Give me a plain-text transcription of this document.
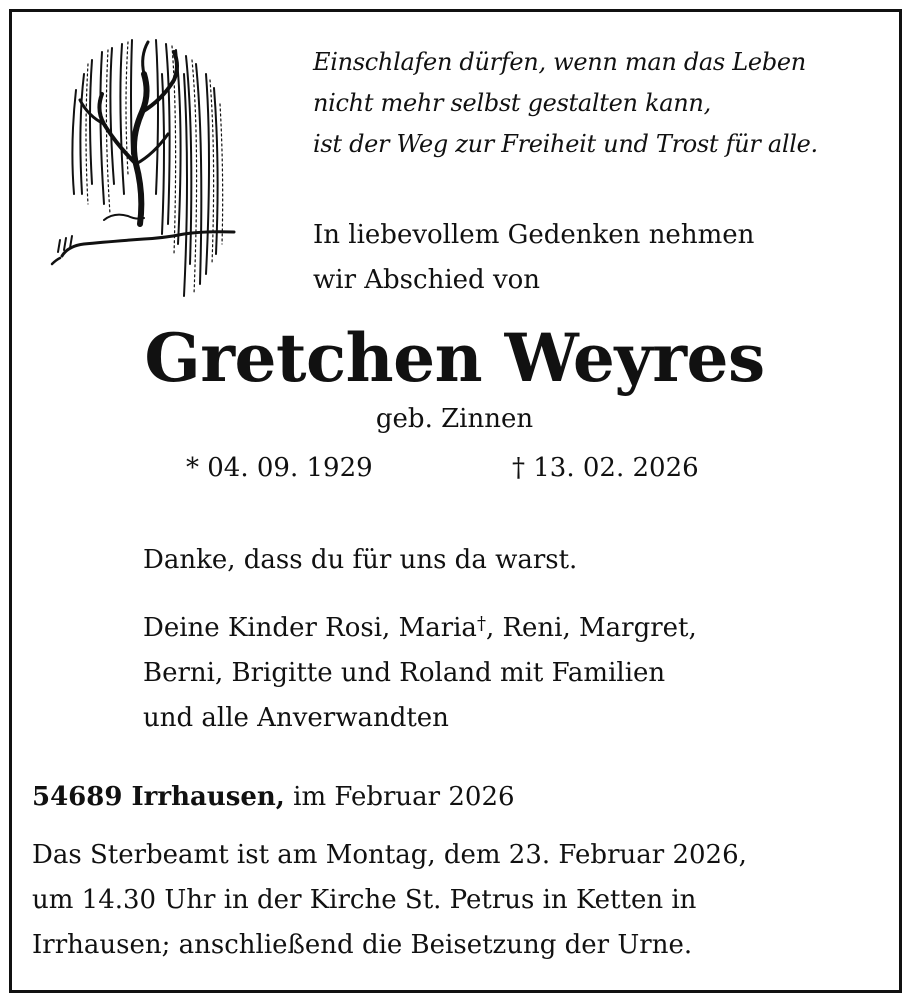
Einschlafen dürfen, wenn man das Leben
nicht mehr selbst gestalten kann,
ist der Weg zur Freiheit und Trost für alle.
In liebevollem Gedenken nehmen
wir Abschied von
Gretchen Weyres
geb. Zinnen
* 04. 09. 1929	† 13. 02. 2026
Danke, dass du für uns da warst.
Deine Kinder Rosi, Maria†, Reni, Margret,
Berni, Brigitte und Roland mit Familien
und alle Anverwandten
54689 Irrhausen, im Februar 2026
Das Sterbeamt ist am Montag, dem 23. Februar 2026,
um 14.30 Uhr in der Kirche St. Petrus in Ketten in
Irrhausen; anschließend die Beisetzung der Urne.
